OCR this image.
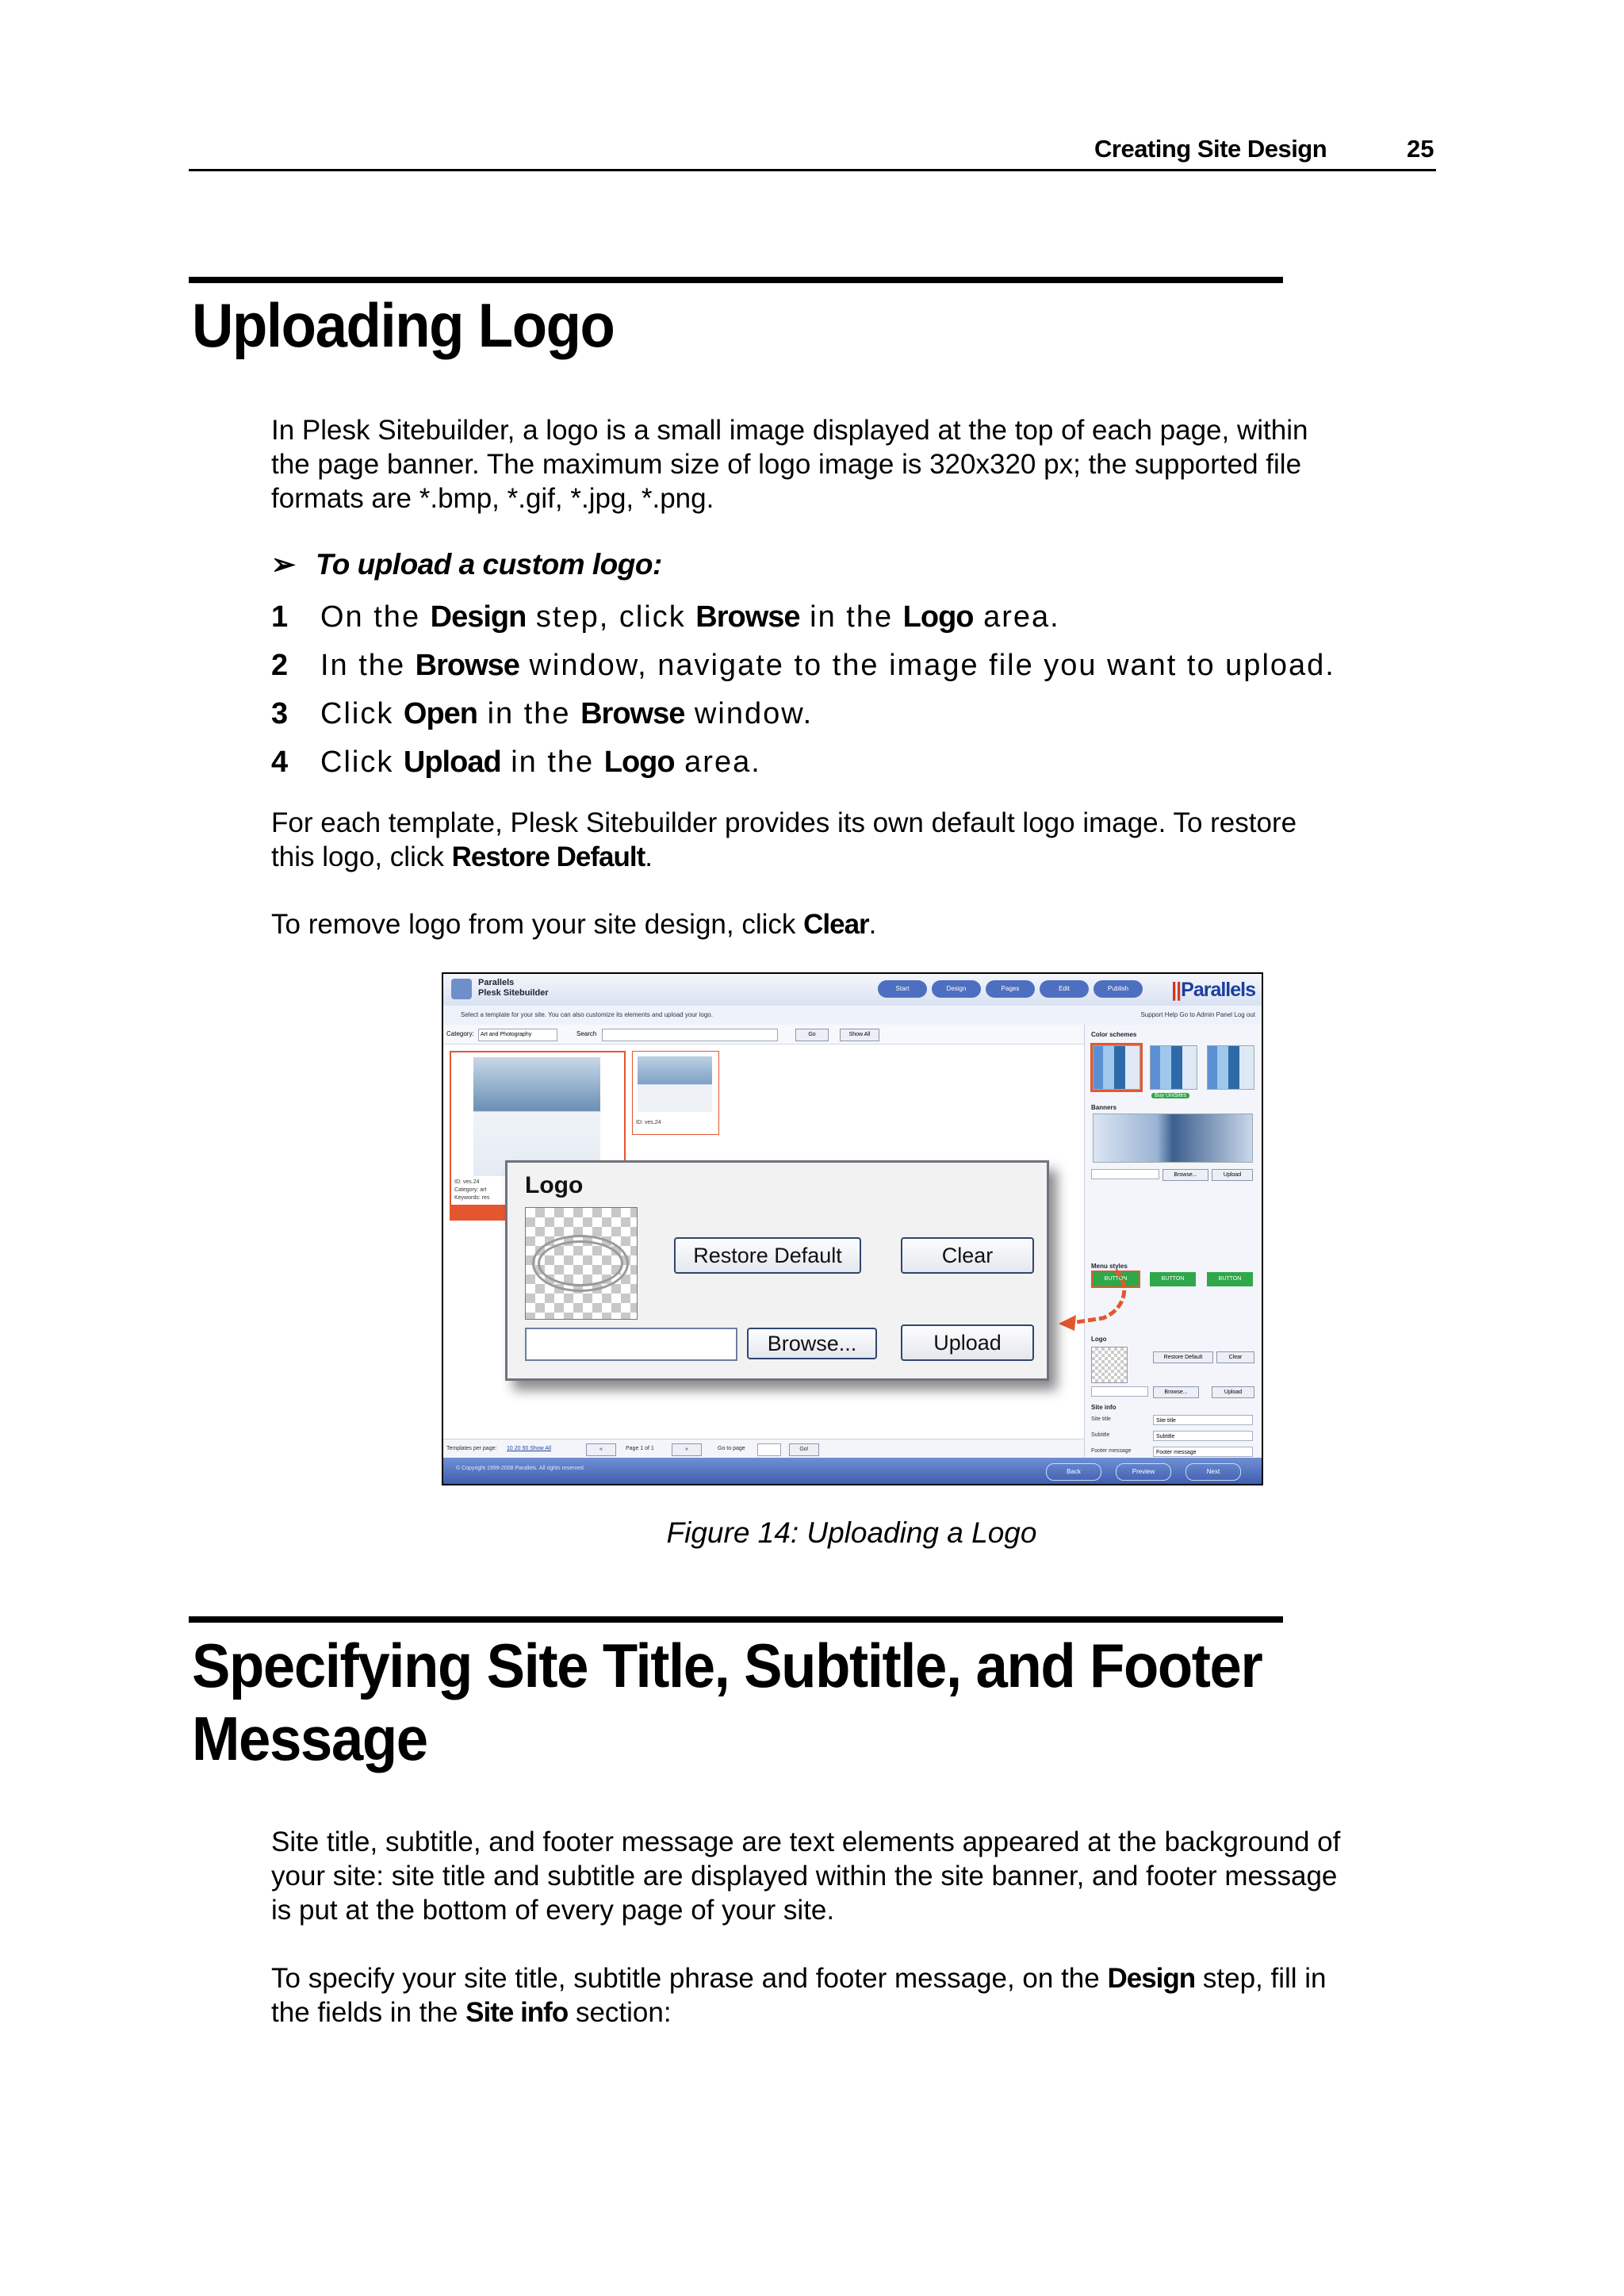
Creating Site Design	25
Uploading Logo
In Plesk Sitebuilder, a logo is a small image displayed at the top of each page, within
the page banner. The maximum size of logo image is 320x320 px; the supported file
formats are *.bmp, *.gif, *.jpg, *.png.
➢ To upload a custom logo:
1 On the Design step, click Browse in the Logo area.
2 In the Browse window, navigate to the image file you want to upload.
3 Click Open in the Browse window.
4 Click Upload in the Logo area.
For each template, Plesk Sitebuilder provides its own default logo image. To restore
this logo, click Restore Default.
To remove logo from your site design, click Clear.
Parallels
Plesk Sitebuilder	Start	Design	Pages	Edit	Publish	||Parallels
Select a template for your site. You can also customize its elements and upload your logo.	Support Help Go to Admin Panel Log out
Category:	Art and Photography	Search	Go	Show All
ID: ves.24
Category: art
Keywords: res
ID: ves.24
Color schemes
Buy UniSites
Banners
Browse...	Upload
Menu styles
BUTTON	BUTTON	BUTTON
Logo
Restore Default	Clear
Browse...	Upload
Site info
Site title	Site title
Subtitle	Subtitle
Footer message	Footer message
Logo
Restore Default	Clear
Browse...	Upload
Templates per page: 10 20 50 Show All	«	Page 1 of 1	»	Go to page	Go!
© Copyright 1999-2008 Parallels. All rights reserved.	Back	Preview	Next
Figure 14: Uploading a Logo
Specifying Site Title, Subtitle, and Footer
Message
Site title, subtitle, and footer message are text elements appeared at the background of
your site: site title and subtitle are displayed within the site banner, and footer message
is put at the bottom of every page of your site.
To specify your site title, subtitle phrase and footer message, on the Design step, fill in
the fields in the Site info section:
